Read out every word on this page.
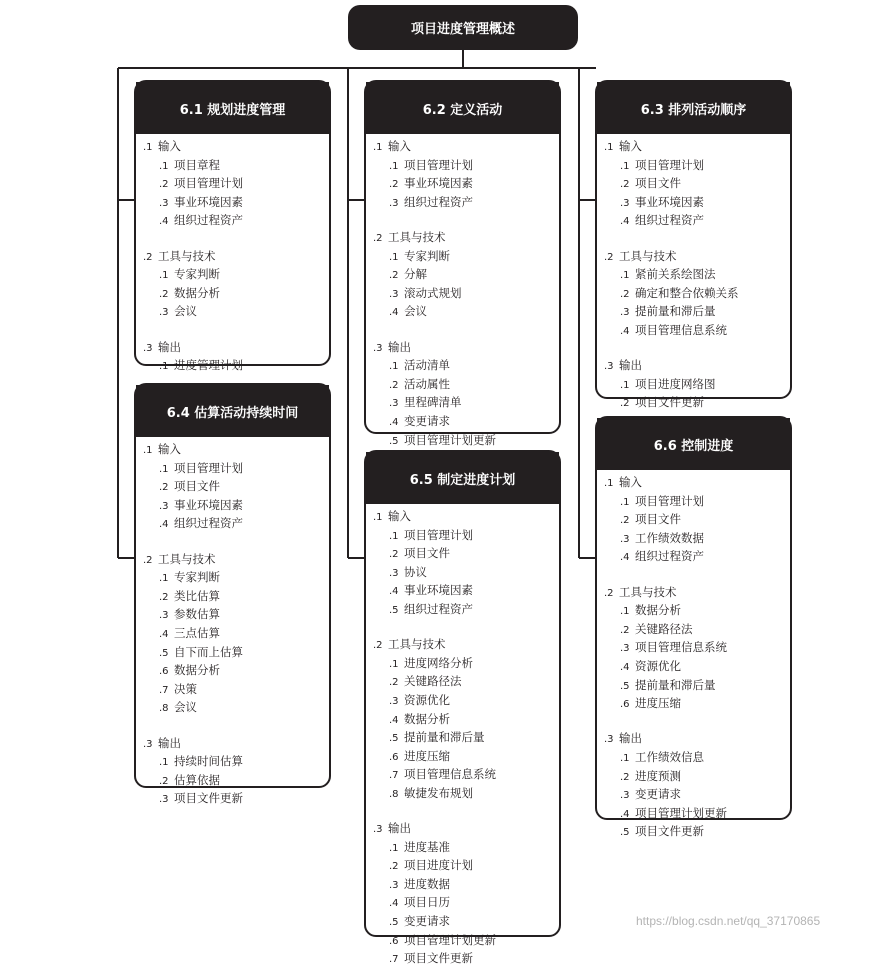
项目进度管理概述
6.1 规划进度管理
.1 输入
.1 项目章程
.2 项目管理计划
.3 事业环境因素
.4 组织过程资产
.2 工具与技术
.1 专家判断
.2 数据分析
.3 会议
.3 输出
.1 进度管理计划
6.2 定义活动
.1 输入
.1 项目管理计划
.2 事业环境因素
.3 组织过程资产
.2 工具与技术
.1 专家判断
.2 分解
.3 滚动式规划
.4 会议
.3 输出
.1 活动清单
.2 活动属性
.3 里程碑清单
.4 变更请求
.5 项目管理计划更新
6.3 排列活动顺序
.1 输入
.1 项目管理计划
.2 项目文件
.3 事业环境因素
.4 组织过程资产
.2 工具与技术
.1 紧前关系绘图法
.2 确定和整合依赖关系
.3 提前量和滞后量
.4 项目管理信息系统
.3 输出
.1 项目进度网络图
.2 项目文件更新
6.4 估算活动持续时间
.1 输入
.1 项目管理计划
.2 项目文件
.3 事业环境因素
.4 组织过程资产
.2 工具与技术
.1 专家判断
.2 类比估算
.3 参数估算
.4 三点估算
.5 自下而上估算
.6 数据分析
.7 决策
.8 会议
.3 输出
.1 持续时间估算
.2 估算依据
.3 项目文件更新
6.5 制定进度计划
.1 输入
.1 项目管理计划
.2 项目文件
.3 协议
.4 事业环境因素
.5 组织过程资产
.2 工具与技术
.1 进度网络分析
.2 关键路径法
.3 资源优化
.4 数据分析
.5 提前量和滞后量
.6 进度压缩
.7 项目管理信息系统
.8 敏捷发布规划
.3 输出
.1 进度基准
.2 项目进度计划
.3 进度数据
.4 项目日历
.5 变更请求
.6 项目管理计划更新
.7 项目文件更新
6.6 控制进度
.1 输入
.1 项目管理计划
.2 项目文件
.3 工作绩效数据
.4 组织过程资产
.2 工具与技术
.1 数据分析
.2 关键路径法
.3 项目管理信息系统
.4 资源优化
.5 提前量和滞后量
.6 进度压缩
.3 输出
.1 工作绩效信息
.2 进度预测
.3 变更请求
.4 项目管理计划更新
.5 项目文件更新
https://blog.csdn.net/qq_37170865
